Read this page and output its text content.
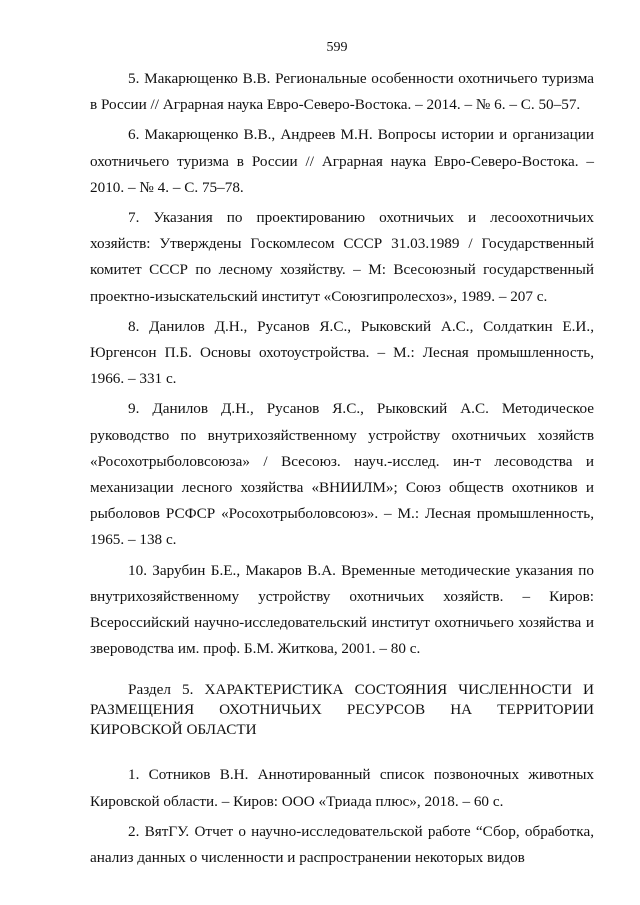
599

5. Макарющенко В.В. Региональные особенности охотничьего туризма в России // Аграрная наука Евро-Северо-Востока. – 2014. – № 6. – С. 50–57.

6. Макарющенко В.В., Андреев М.Н. Вопросы истории и организации охотничьего туризма в России // Аграрная наука Евро-Северо-Востока. – 2010. – № 4. – С. 75–78.

7. Указания по проектированию охотничьих и лесоохотничьих хозяйств: Утверждены Госкомлесом СССР 31.03.1989 / Государственный комитет СССР по лесному хозяйству. – М: Всесоюзный государственный проектно-изыскательский институт «Союзгипролесхоз», 1989. – 207 с.

8. Данилов Д.Н., Русанов Я.С., Рыковский А.С., Солдаткин Е.И., Юргенсон П.Б. Основы охотоустройства. – М.: Лесная промышленность, 1966. – 331 с.

9. Данилов Д.Н., Русанов Я.С., Рыковский А.С. Методическое руководство по внутрихозяйственному устройству охотничьих хозяйств «Росохотрыболовсоюза» / Всесоюз. науч.-исслед. ин-т лесоводства и механизации лесного хозяйства «ВНИИЛМ»; Союз обществ охотников и рыболовов РСФСР «Росохотрыболовсоюз». – М.: Лесная промышленность, 1965. – 138 с.

10. Зарубин Б.Е., Макаров В.А. Временные методические указания по внутрихозяйственному устройству охотничьих хозяйств. – Киров: Всероссийский научно-исследовательский институт охотничьего хозяйства и звероводства им. проф. Б.М. Житкова, 2001. – 80 с.

Раздел 5. ХАРАКТЕРИСТИКА СОСТОЯНИЯ ЧИСЛЕННОСТИ И РАЗМЕЩЕНИЯ ОХОТНИЧЬИХ РЕСУРСОВ НА ТЕРРИТОРИИ КИРОВСКОЙ ОБЛАСТИ

1. Сотников В.Н. Аннотированный список позвоночных животных Кировской области. – Киров: ООО «Триада плюс», 2018. – 60 с.

2. ВятГУ. Отчет о научно-исследовательской работе “Сбор, обработка, анализ данных о численности и распространении некоторых видов
